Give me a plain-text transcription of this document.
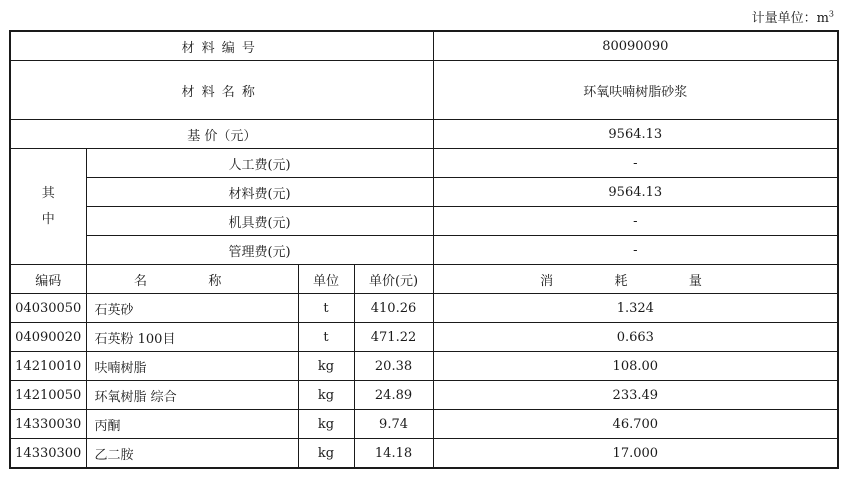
计量单位：$m^3$
材料编号				80090090
材料名称				环氧呋喃树脂砂浆
基 价（元）				9564.13

其
中	人工费(元)			-
	材料费(元)			9564.13
	机具费(元)			-
	管理费(元)			-
编码	名 称	单位	单价(元)	消 耗 量
04030050	石英砂	t	410.26	1.324
04090020	石英粉 100目	t	471.22	0.663
14210010	呋喃树脂	kg	20.38	108.00
14210050	环氧树脂 综合	kg	24.89	233.49
14330030	丙酮	kg	9.74	46.700
14330300	乙二胺	kg	14.18	17.000
